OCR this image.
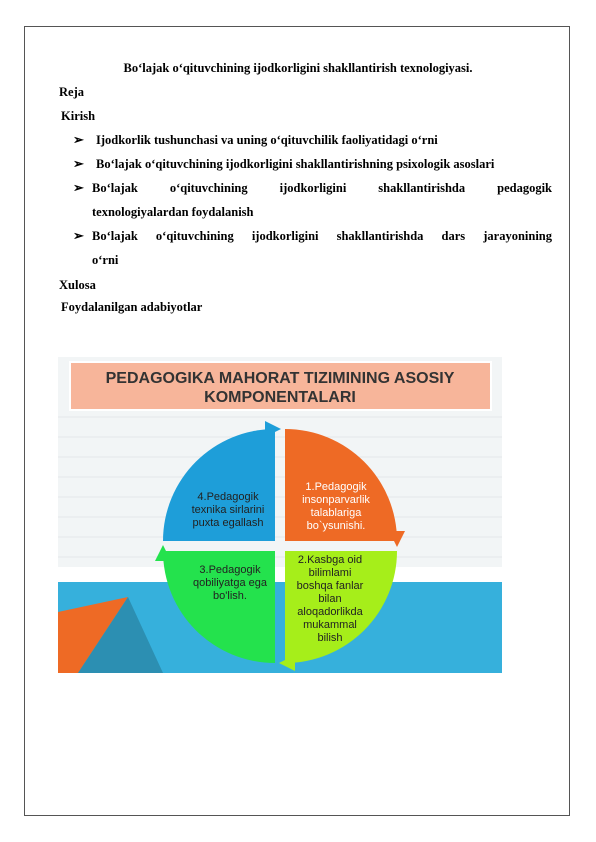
Bo‘lajak o‘qituvchining ijodkorligini shakllantirish texnologiyasi.
Reja
Kirish
➢ Ijodkorlik tushunchasi va uning o‘qituvchilik faoliyatidagi o‘rni
➢ Bo‘lajak o‘qituvchining ijodkorligini shakllantirishning psixologik asoslari
➢ Bo‘lajak o‘qituvchining ijodkorligini shakllantirishda pedagogik
texnologiyalardan foydalanish
➢ Bo‘lajak o‘qituvchining ijodkorligini shakllantirishda dars jarayonining
o‘rni
Xulosa
Foydalanilgan adabiyotlar
PEDAGOGIKA MAHORAT TIZIMINING ASOSIY
KOMPONENTALARI
1.Pedagogik
insonparvarlik
talablariga
bo`ysunishi.
2.Kasbga oid
bilimlami
boshqa fanlar
bilan
aloqadorlikda
mukammal
bilish
3.Pedagogik
qobiliyatga ega
bo'lish.
4.Pedagogik
texnika sirlarini
puxta egallash
